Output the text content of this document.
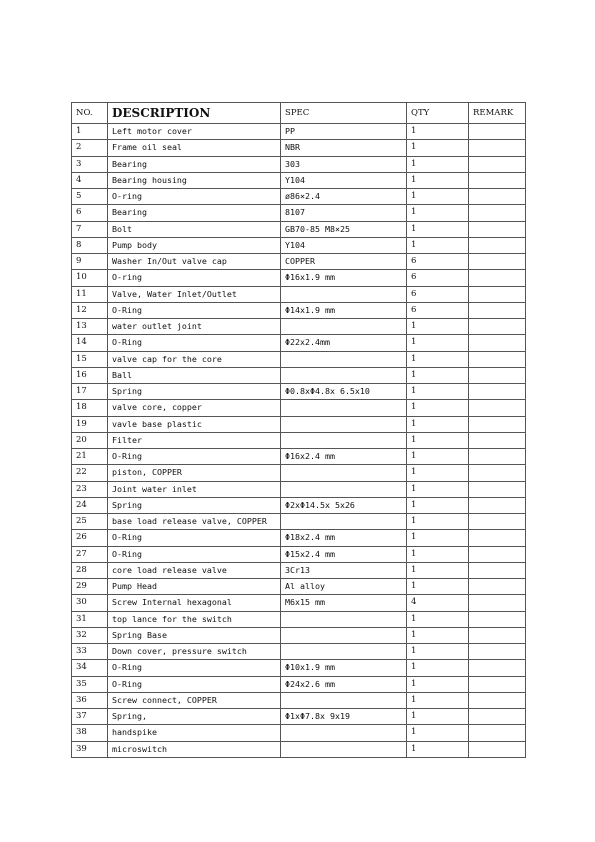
NO.	DESCRIPTION	SPEC	QTY	REMARK
1	Left motor cover	PP	1	
2	Frame oil seal	NBR	1	
3	Bearing	303	1	
4	Bearing housing	Y104	1	
5	O-ring	ø86×2.4	1	
6	Bearing	8107	1	
7	Bolt	GB70-85 M8×25	1	
8	Pump body	Y104	1	
9	Washer In/Out valve cap	COPPER	6	
10	O-ring	Φ16x1.9 mm	6	
11	Valve, Water Inlet/Outlet		6	
12	O-Ring	Φ14x1.9 mm	6	
13	water outlet joint		1	
14	O-Ring	Φ22x2.4mm	1	
15	valve cap for the core		1	
16	Ball		1	
17	Spring	Φ0.8xΦ4.8x 6.5x10	1	
18	valve core, copper		1	
19	vavle base plastic		1	
20	Filter		1	
21	O-Ring	Φ16x2.4 mm	1	
22	piston, COPPER		1	
23	Joint water inlet		1	
24	Spring	Φ2xΦ14.5x 5x26	1	
25	base load release valve, COPPER		1	
26	O-Ring	Φ18x2.4 mm	1	
27	O-Ring	Φ15x2.4 mm	1	
28	core load release valve	3Cr13	1	
29	Pump Head	Al alloy	1	
30	Screw Internal hexagonal	M6x15 mm	4	
31	top lance for the switch		1	
32	Spring Base		1	
33	Down cover, pressure switch		1	
34	O-Ring	Φ10x1.9 mm	1	
35	O-Ring	Φ24x2.6 mm	1	
36	Screw connect, COPPER		1	
37	Spring,	Φ1xΦ7.8x 9x19	1	
38	handspike		1	
39	microswitch		1	
